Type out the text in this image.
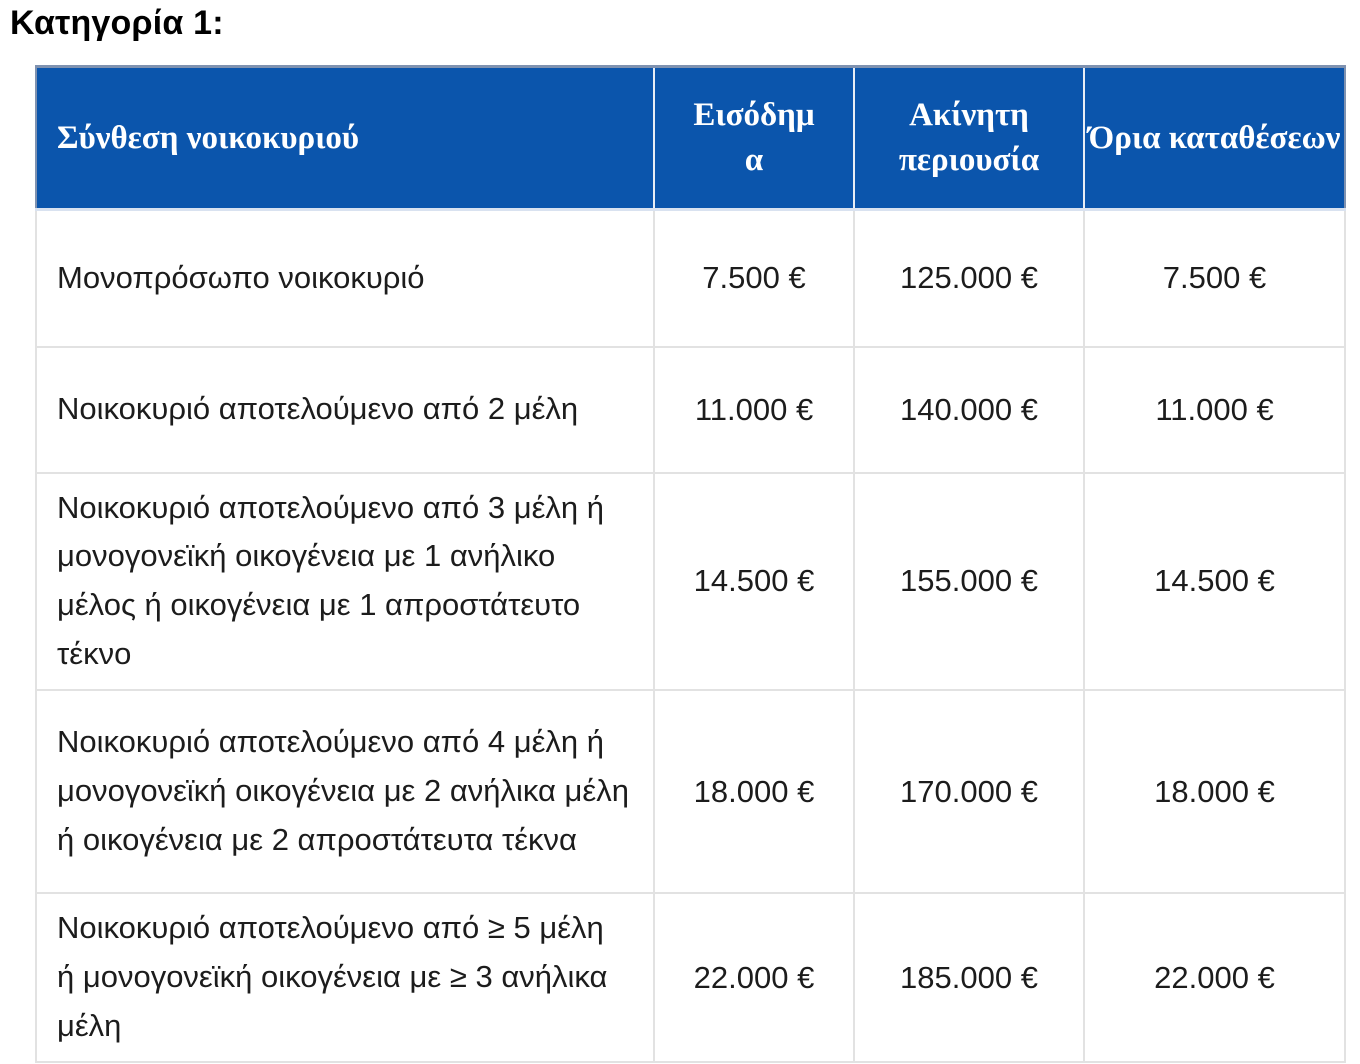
Κατηγορία 1:
Σύνθεση νοικοκυριού	Εισόδημα	Ακίνητη περιουσία	Όρια καταθέσεων
Μονοπρόσωπο νοικοκυριό	7.500 €	125.000 €	7.500 €
Νοικοκυριό αποτελούμενο από 2 μέλη	11.000 €	140.000 €	11.000 €
Νοικοκυριό αποτελούμενο από 3 μέλη ή μονογονεϊκή οικογένεια με 1 ανήλικο μέλος ή οικογένεια με 1 απροστάτευτο τέκνο	14.500 €	155.000 €	14.500 €
Νοικοκυριό αποτελούμενο από 4 μέλη ή μονογονεϊκή οικογένεια με 2 ανήλικα μέλη ή οικογένεια με 2 απροστάτευτα τέκνα	18.000 €	170.000 €	18.000 €
Νοικοκυριό αποτελούμενο από ≥ 5 μέλη ή μονογονεϊκή οικογένεια με ≥ 3 ανήλικα μέλη	22.000 €	185.000 €	22.000 €
